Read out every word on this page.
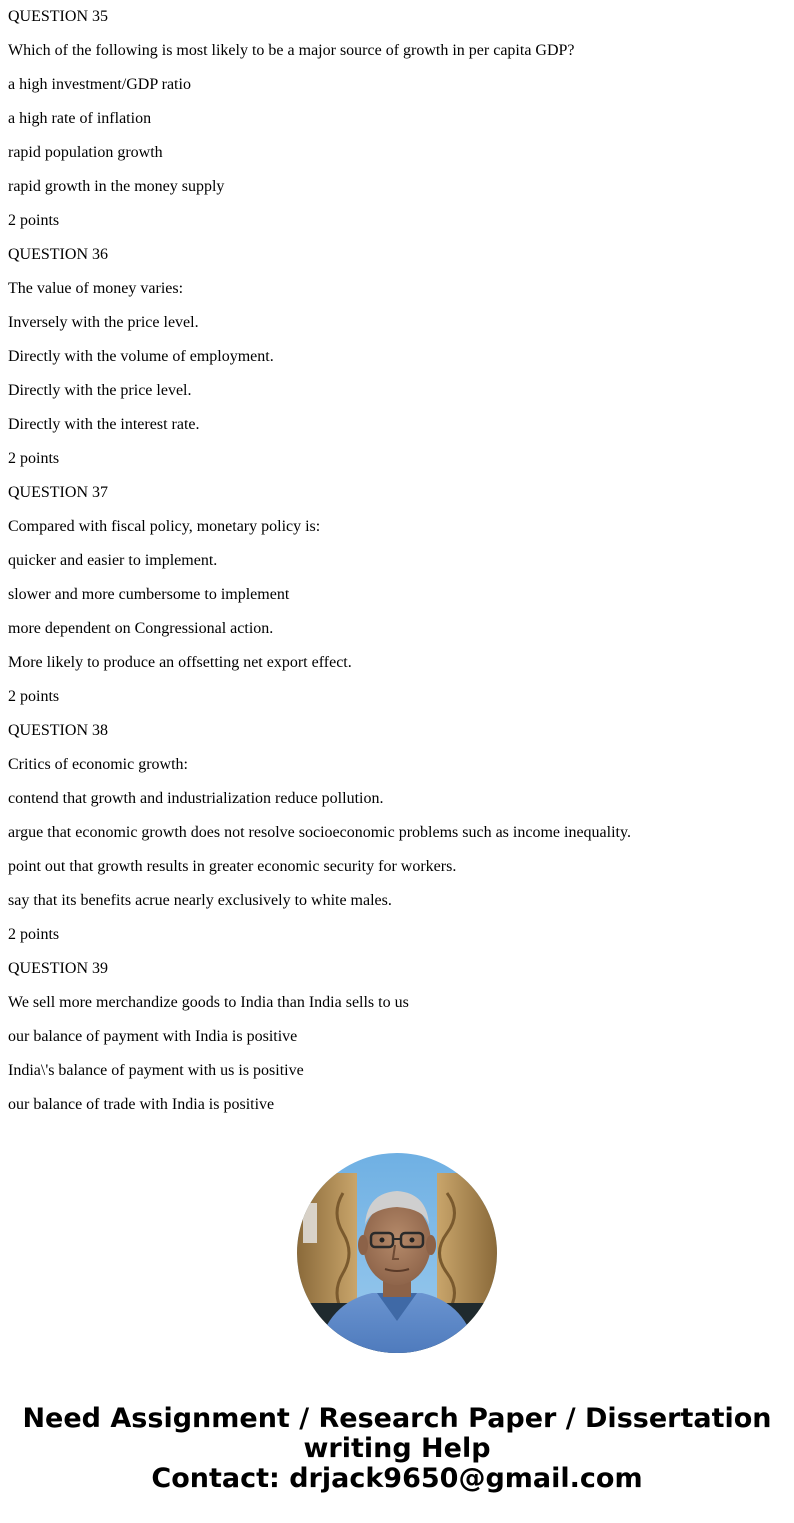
QUESTION 35
Which of the following is most likely to be a major source of growth in per capita GDP?
a high investment/GDP ratio
a high rate of inflation
rapid population growth
rapid growth in the money supply
2 points
QUESTION 36
The value of money varies:
Inversely with the price level.
Directly with the volume of employment.
Directly with the price level.
Directly with the interest rate.
2 points
QUESTION 37
Compared with fiscal policy, monetary policy is:
quicker and easier to implement.
slower and more cumbersome to implement
more dependent on Congressional action.
More likely to produce an offsetting net export effect.
2 points
QUESTION 38
Critics of economic growth:
contend that growth and industrialization reduce pollution.
argue that economic growth does not resolve socioeconomic problems such as income inequality.
point out that growth results in greater economic security for workers.
say that its benefits acrue nearly exclusively to white males.
2 points
QUESTION 39
We sell more merchandize goods to India than India sells to us
our balance of payment with India is positive
India\'s balance of payment with us is positive
our balance of trade with India is positive
Need Assignment / Research Paper / Dissertation
writing Help
Contact: drjack9650@gmail.com
